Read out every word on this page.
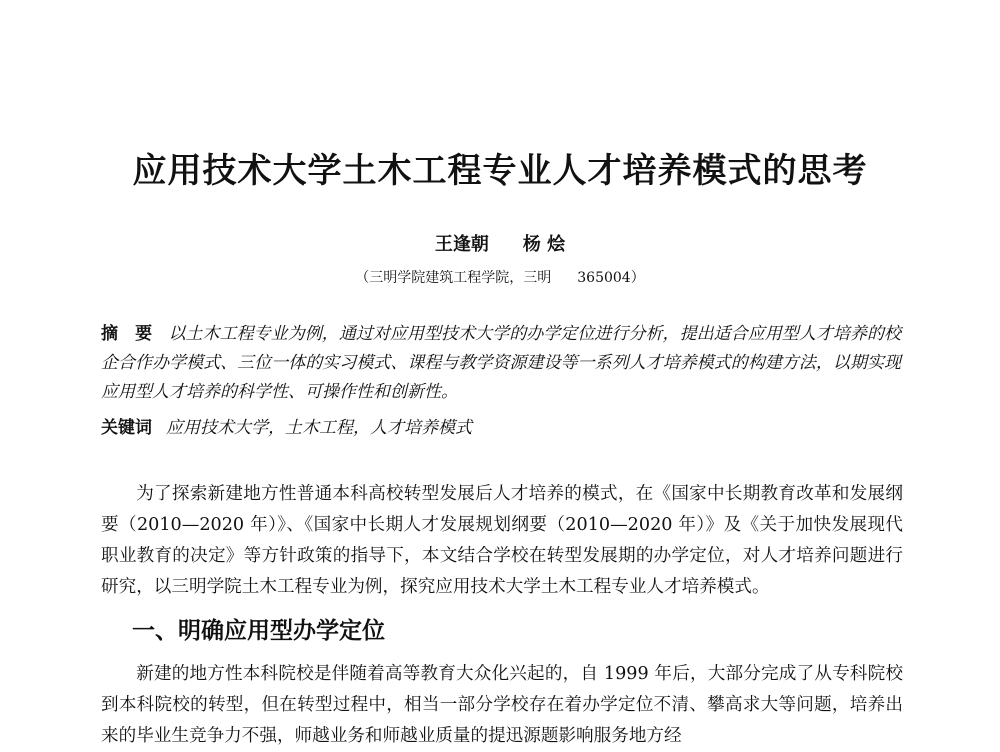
应用技术大学土木工程专业人才培养模式的思考
王逢朝 杨 烩
（三明学院建筑工程学院，三明 365004）
摘　要 以土木工程专业为例，通过对应用型技术大学的办学定位进行分析，提出适合应用型人才培养的校企合作办学模式、三位一体的实习模式、课程与教学资源建设等一系列人才培养模式的构建方法，以期实现应用型人才培养的科学性、可操作性和创新性。
关键词 应用技术大学，土木工程，人才培养模式
为了探索新建地方性普通本科高校转型发展后人才培养的模式，在《国家中长期教育改革和发展纲要（2010—2020 年）》、《国家中长期人才发展规划纲要（2010—2020 年）》及《关于加快发展现代职业教育的决定》等方针政策的指导下，本文结合学校在转型发展期的办学定位，对人才培养问题进行研究，以三明学院土木工程专业为例，探究应用技术大学土木工程专业人才培养模式。
一、明确应用型办学定位
新建的地方性本科院校是伴随着高等教育大众化兴起的，自 1999 年后，大部分完成了从专科院校到本科院校的转型，但在转型过程中，相当一部分学校存在着办学定位不清、攀高求大等问题，培养出来的毕业生竞争力不强，师越业务和师越业质量的提迅源题影响服务地方经
